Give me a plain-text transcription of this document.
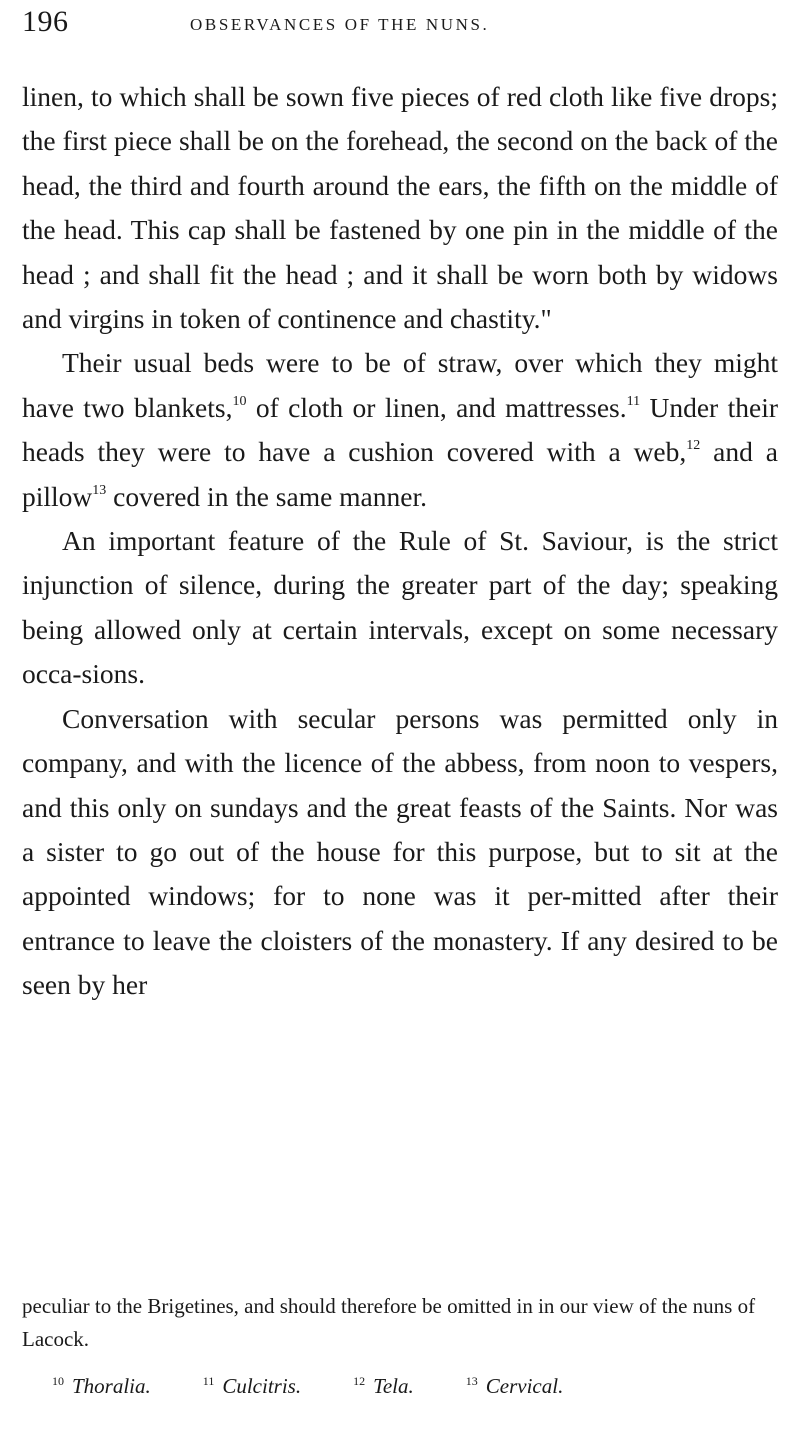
196	OBSERVANCES OF THE NUNS.

linen, to which shall be sown five pieces of red cloth like five drops; the first piece shall be on the forehead, the second on the back of the head, the third and fourth around the ears, the fifth on the middle of the head. This cap shall be fastened by one pin in the middle of the head ; and shall fit the head ; and it shall be worn both by widows and virgins in token of continence and chastity."

Their usual beds were to be of straw, over which they might have two blankets,$^{10}$ of cloth or linen, and mattresses.$^{11}$ Under their heads they were to have a cushion covered with a web,$^{12}$ and a pillow$^{13}$ covered in the same manner.

An important feature of the Rule of St. Saviour, is the strict injunction of silence, during the greater part of the day; speaking being allowed only at certain intervals, except on some necessary occa-sions.

Conversation with secular persons was permitted only in company, and with the licence of the abbess, from noon to vespers, and this only on sundays and the great feasts of the Saints. Nor was a sister to go out of the house for this purpose, but to sit at the appointed windows; for to none was it per-mitted after their entrance to leave the cloisters of the monastery. If any desired to be seen by her

peculiar to the Brigetines, and should therefore be omitted in in our view of the nuns of Lacock.

$^{10}$ Thoralia.	$^{11}$ Culcitris.	$^{12}$ Tela.	$^{13}$ Cervical.
